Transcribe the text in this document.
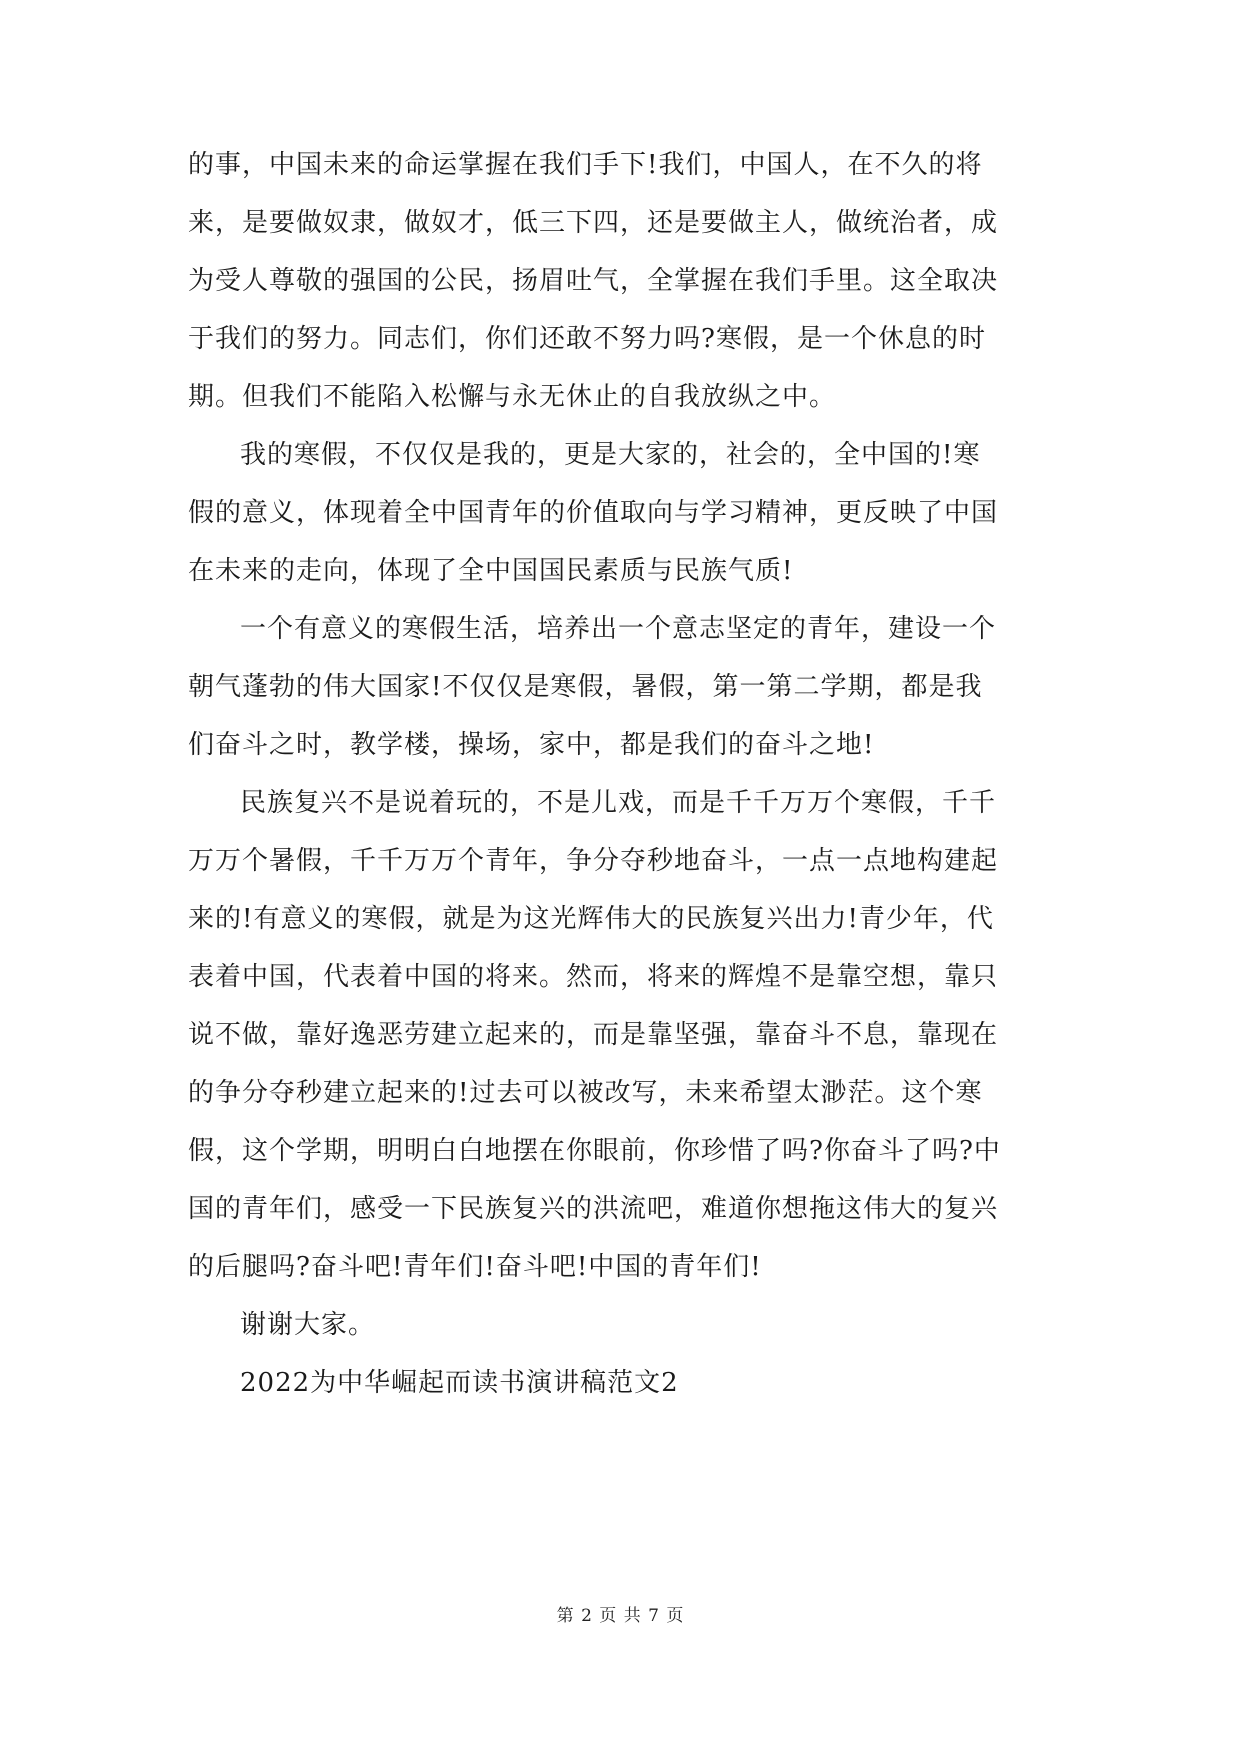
的事，中国未来的命运掌握在我们手下!我们，中国人，在不久的将
来，是要做奴隶，做奴才，低三下四，还是要做主人，做统治者，成
为受人尊敬的强国的公民，扬眉吐气，全掌握在我们手里。这全取决
于我们的努力。同志们，你们还敢不努力吗?寒假，是一个休息的时
期。但我们不能陷入松懈与永无休止的自我放纵之中。
我的寒假，不仅仅是我的，更是大家的，社会的，全中国的!寒
假的意义，体现着全中国青年的价值取向与学习精神，更反映了中国
在未来的走向，体现了全中国国民素质与民族气质!
一个有意义的寒假生活，培养出一个意志坚定的青年，建设一个
朝气蓬勃的伟大国家!不仅仅是寒假，暑假，第一第二学期，都是我
们奋斗之时，教学楼，操场，家中，都是我们的奋斗之地!
民族复兴不是说着玩的，不是儿戏，而是千千万万个寒假，千千
万万个暑假，千千万万个青年，争分夺秒地奋斗，一点一点地构建起
来的!有意义的寒假，就是为这光辉伟大的民族复兴出力!青少年，代
表着中国，代表着中国的将来。然而，将来的辉煌不是靠空想，靠只
说不做，靠好逸恶劳建立起来的，而是靠坚强，靠奋斗不息，靠现在
的争分夺秒建立起来的!过去可以被改写，未来希望太渺茫。这个寒
假，这个学期，明明白白地摆在你眼前，你珍惜了吗?你奋斗了吗?中
国的青年们，感受一下民族复兴的洪流吧，难道你想拖这伟大的复兴
的后腿吗?奋斗吧!青年们!奋斗吧!中国的青年们!
谢谢大家。
2022为中华崛起而读书演讲稿范文2
第 2 页 共 7 页
